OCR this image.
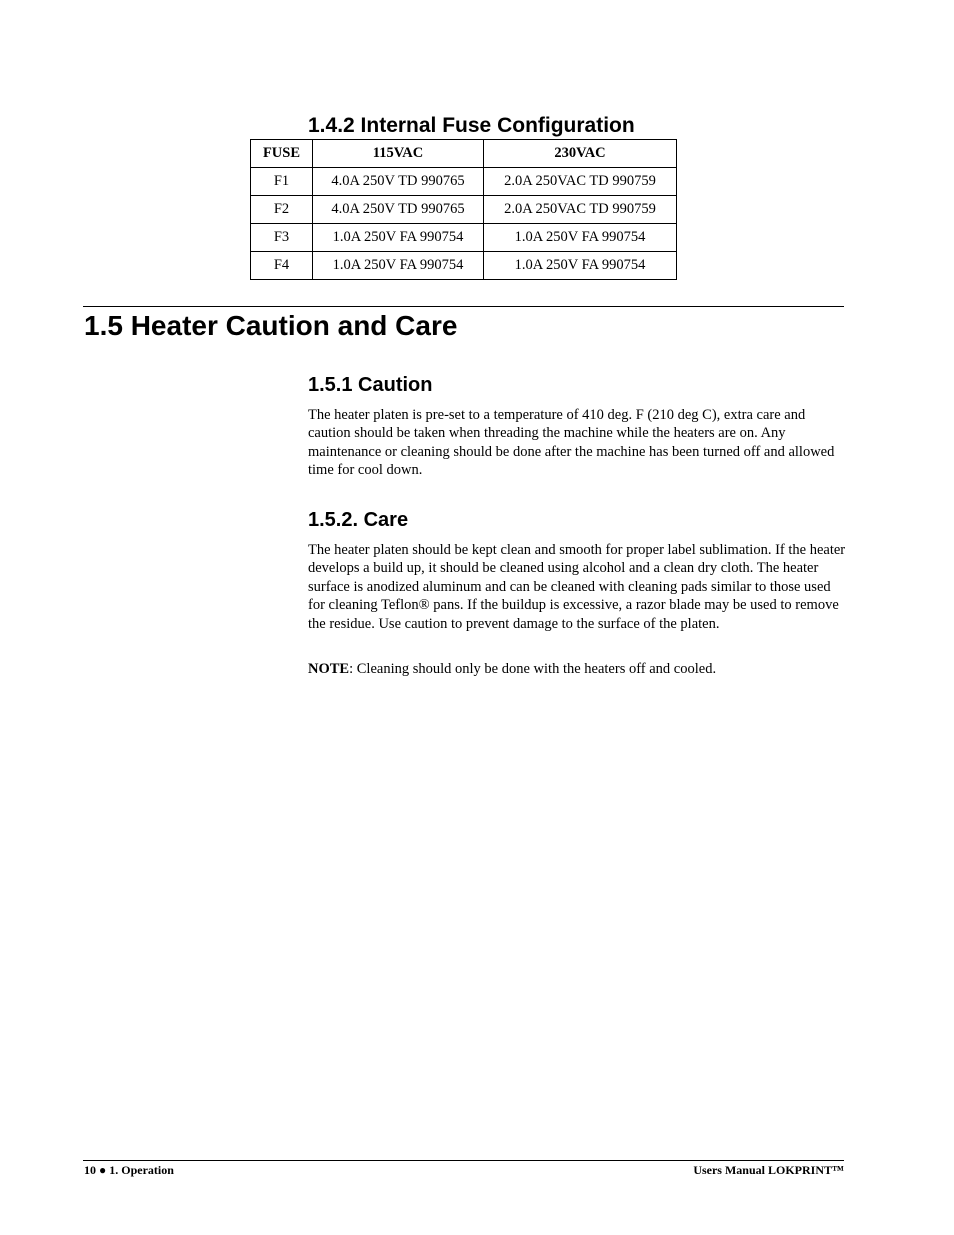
1.4.2 Internal Fuse Configuration
FUSE	115VAC	230VAC
F1	4.0A 250V TD 990765	2.0A 250VAC TD 990759
F2	4.0A 250V TD 990765	2.0A 250VAC TD 990759
F3	1.0A 250V FA 990754	1.0A 250V FA 990754
F4	1.0A 250V FA 990754	1.0A 250V FA 990754
1.5 Heater Caution and Care
1.5.1 Caution

The heater platen is pre-set to a temperature of 410 deg. F (210 deg C), extra care and caution should be taken when threading the machine while the heaters are on. Any maintenance or cleaning should be done after the machine has been turned off and allowed time for cool down.

1.5.2. Care

The heater platen should be kept clean and smooth for proper label sublimation. If the heater develops a build up, it should be cleaned using alcohol and a clean dry cloth. The heater surface is anodized aluminum and can be cleaned with cleaning pads similar to those used for cleaning Teflon® pans. If the buildup is excessive, a razor blade may be used to remove the residue. Use caution to prevent damage to the surface of the platen.

NOTE: Cleaning should only be done with the heaters off and cooled.

10 ● 1. Operation	Users Manual LOKPRINT™
